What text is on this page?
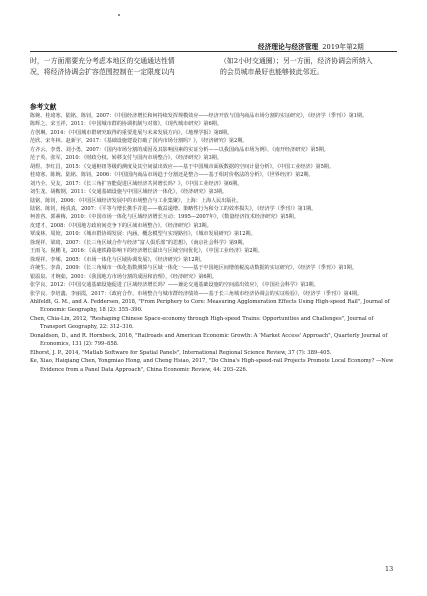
经济理论与经济管理 2019年第2期
时，一方面需要充分考虑本地区的交通通达性情
况，将经济协调会扩容范围控制在一定限度以内
（如2小时交通圈）；另一方面，经济协调会所纳入
的会员城市最好也能够彼此邻近。
参考文献
陈婉、桂琦寒、陆铭、陈钊，2007：《中国经济增长和何持续发挥规模效应——经济开放与国内商品市场分割的实证研究》，《经济学（季刊）》第1期。
陈辉之、宋玉祥，2011：《中国城市群的协调机制与对策》，《现代城市研究》第6期。
方创琳，2014：《中国城市群研究取得的重要进展与未来发展方向》，《地理学报》第8期。
范欣、宋冬林、赵新宇，2017：《基础设施建设打破了国内市场分割吗？》，《经济研究》第2期。
方齐云、李勇、刘小勇，2007：《国内市场分割的成因及其影响因素的实证分析——以我国商品市场为例》，《南开经济研究》第5期。
范子英、张军，2010：《财政分权、转移支付与国内市场整合》，《经济研究》第3期。
胡煜、李红昌，2015：《交通枢纽等级的测度及其空间溢出效应——基于中国城市面板数据的空间计量分析》，《中国工业经济》第5期。
桂琦寒、陈婉、陆铭、陈钊，2006：《中国国内商品市场趋于分割还是整合——基于相对价格法的分析》，《世界经济》第2期。
刘乃全、吴友，2017：《长三角扩容能促进区域经济共同增长吗？》，《中国工业经济》第6期。
刘生龙、胡鞍钢，2011：《交通基础设施与中国区域经济一体化》，《经济研究》第3期。
陆铭，陈钊，2006：《中国区域经济发展中的市场整合与工业集聚》，上海：上海人民出版社。
陆铭、陈钊，杨真真，2007：《平等与增长携手并进——收益递增、策略性行为和分工的效率损失》，《经济学（季刊）》第1期。
柯善咨、郭素梅，2010：《中国市场一体化与区域经济增长互动：1995—2007年》，《数量经济技术经济研究》第5期。
皮建才，2008：《中国地方政府间竞争下的区域市场整合》，《经济研究》第3期。
覃成林、周姣，2010：《城市群协调发展：内涵、概念模型与实现路径》，《城市发展研究》第12期。
徐现祥、梁琦，2007：《长三角区域合作与经济“富人俱乐部”的思想》，《南京社会科学》第9期。
王雨飞、倪鹏飞，2016：《高速铁路影响下的经济增长溢出与区域空间优化》，《中国工业经济》第2期。
徐现祥、李郇，2005：《市场一体化与区域协调发展》，《经济研究》第12期。
许统生、李苗，2009：《长三角城市一体化指数测算与区域一体化一——基于中国地区间增值税流动数据的实证研究》，《经济学（季刊）》第1期。
银温泉、才婉茹，2001：《我国地方市场分割的成因和治理》，《经济研究》第6期。
张学良，2012：《中国交通基础设施促进了区域经济增长吗？——兼论交通基础设施的空间溢出效应》，《中国社会科学》第3期。
张学良、李培鑫、李丽霞，2017：《政府合作、市场整合与城市群经济绩效——基于长三角城市经济协调会的实证检验》，《经济学（季刊）》第4期。
Ahlfeldt, G. M., and A. Feddersen, 2018, "From Periphery to Core: Measuring Agglomeration Effects Using High-speed Rail", Journal of Economic Geography, 18 (2): 355–390.
Chen, Chia-Lin, 2012, "Reshaping Chinese Space-economy through High-speed Trains: Opportunities and Challenges", Journal of Transport Geography, 22: 312–316.
Donaldson, D., and R. Hornbeck, 2016, "Railroads and American Economic Growth: A 'Market Access' Approach", Quarterly Journal of Economics, 131 (2): 799–858.
Elhorst, J. P., 2014, "Matlab Software for Spatial Panels", International Regional Science Review, 37 (7): 389–405.
Ke, Xiao, Haiqiang Chen, Yongmiao Hong, and Cheng Hsiao, 2017, "Do China's High-speed-rail Projects Promote Local Economy? —New Evidence from a Panel Data Approach", China Economic Review, 44: 203–226.
13
